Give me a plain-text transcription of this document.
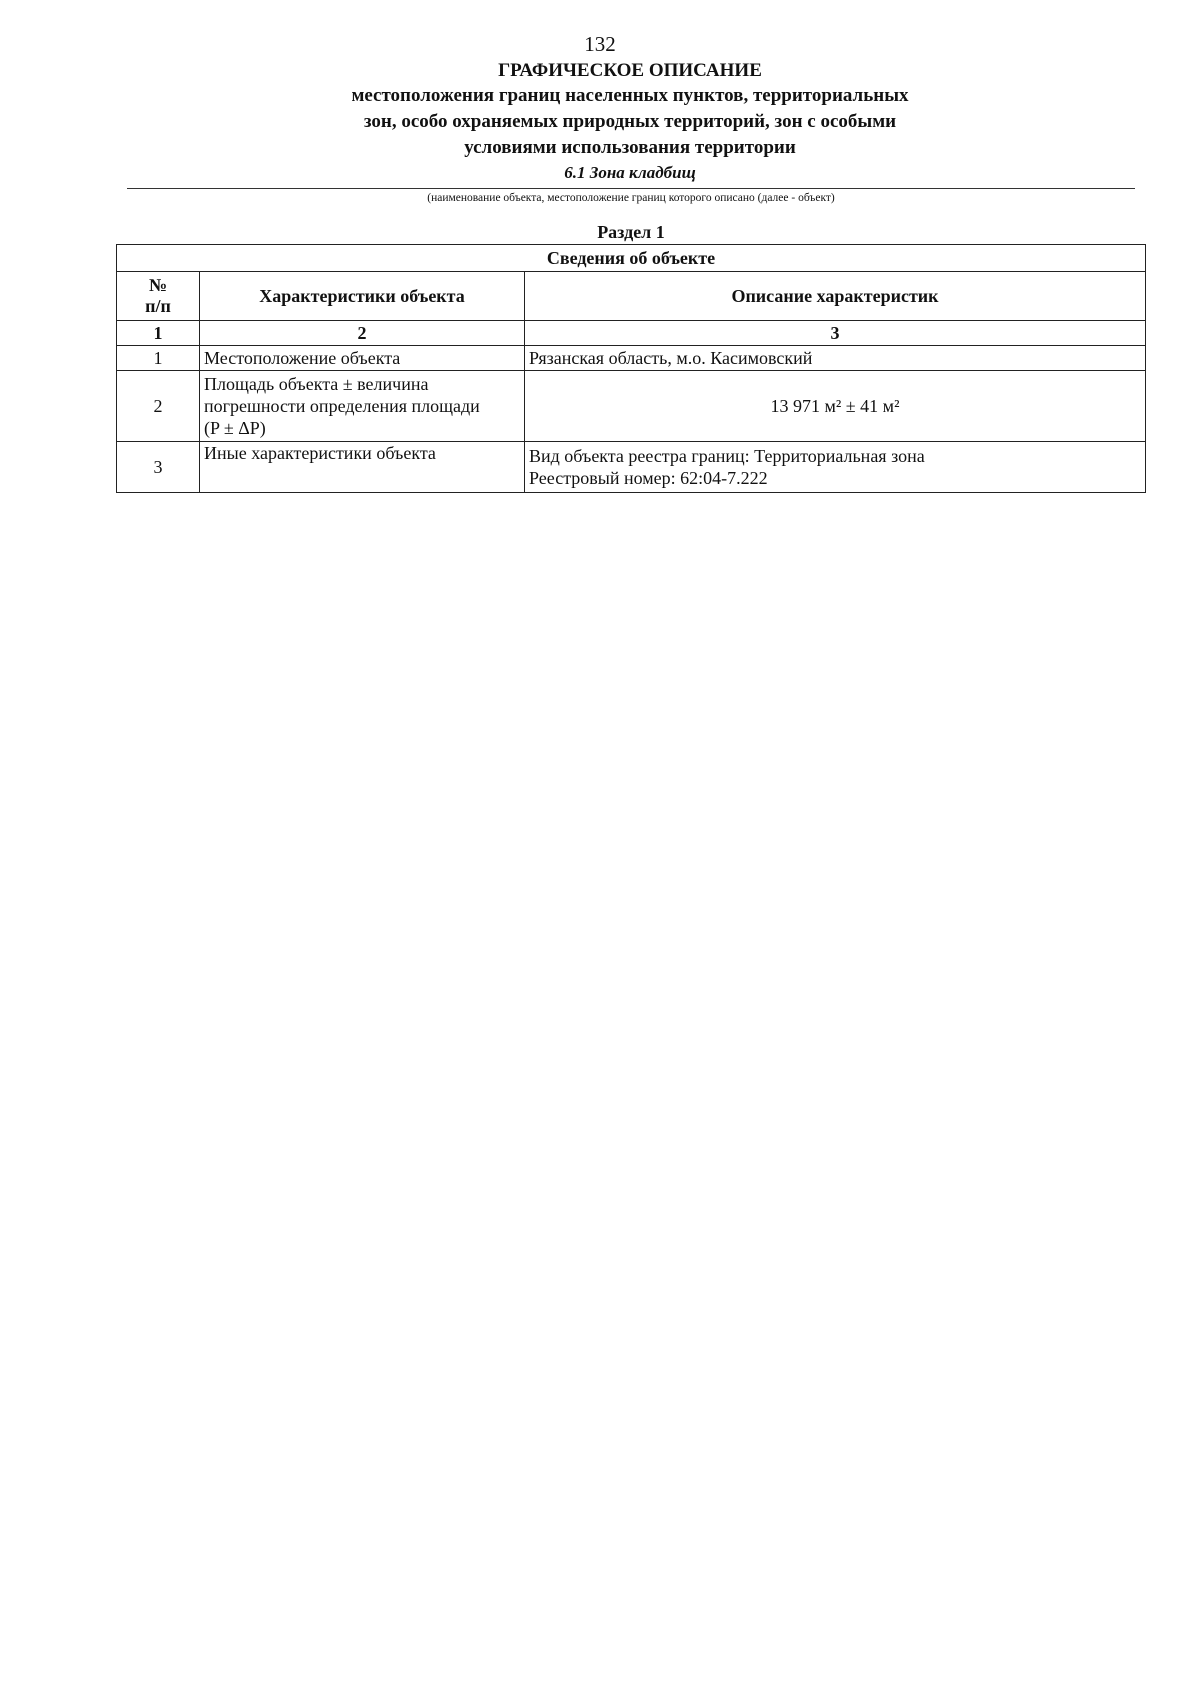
132

ГРАФИЧЕСКОЕ ОПИСАНИЕ

местоположения границ населенных пунктов, территориальных

зон, особо охраняемых природных территорий, зон с особыми

условиями использования территории

6.1 Зона кладбищ
(наименование объекта, местоположение границ которого описано (далее - объект)
Раздел 1
Сведения об объекте		
№ п/п	Характеристики объекта	Описание характеристик
1	2	3
1	Местоположение объекта	Рязанская область, м.о. Касимовский

2	Площадь объекта ± величина
погрешности определения площади
(P ± ΔP)	13 971 м² ± 41 м²
3	Иные характеристики объекта	Вид объекта реестра границ: Территориальная зона
Реестровый номер: 62:04-7.222
